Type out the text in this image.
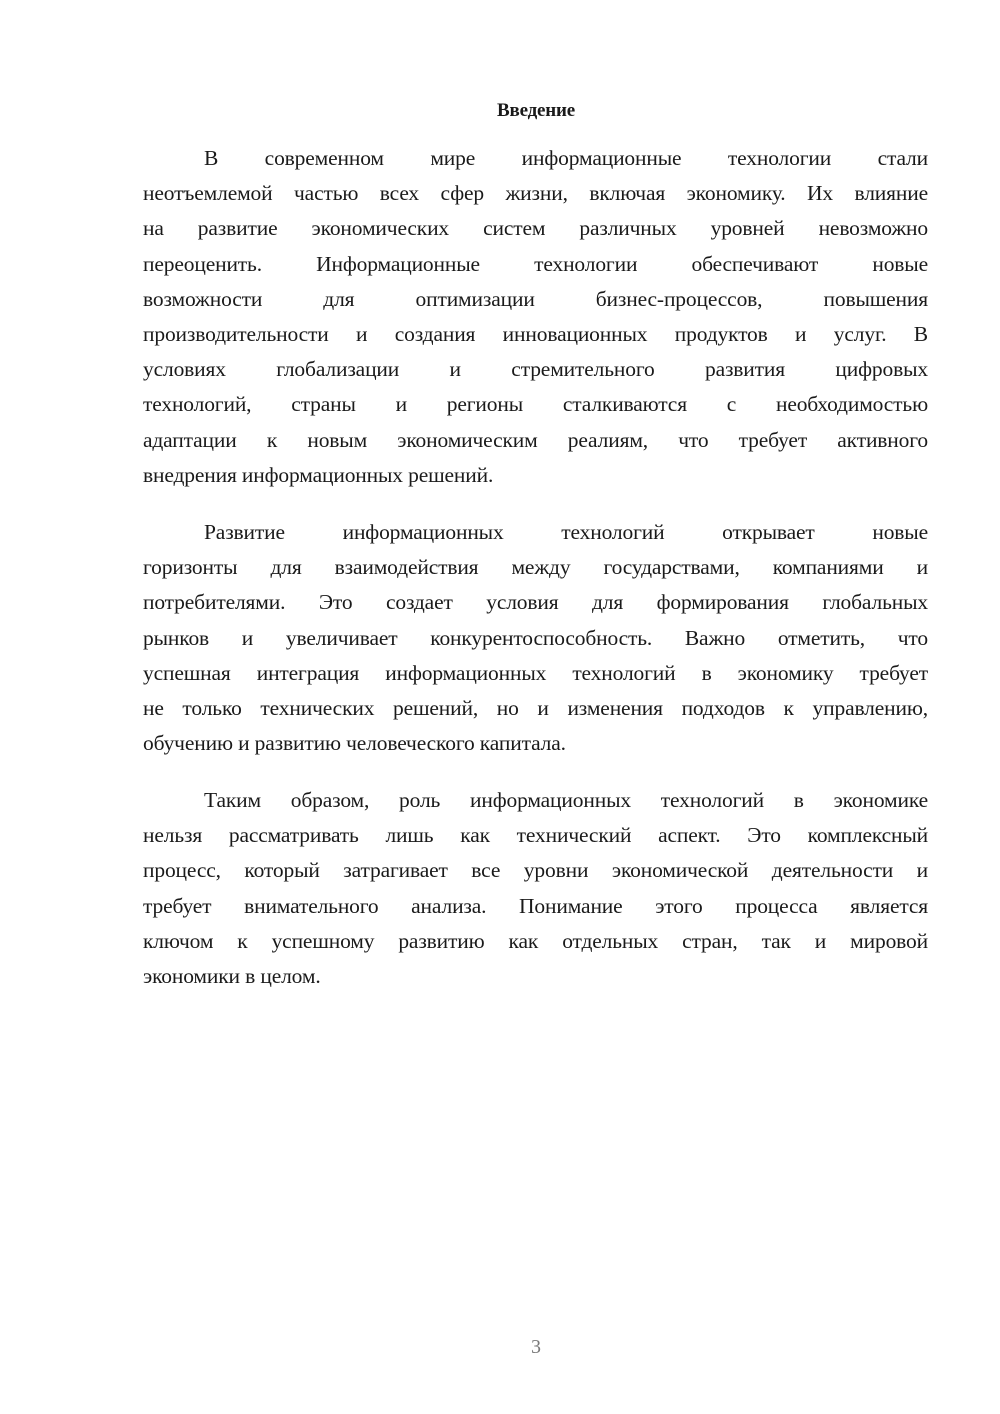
Введение

В современном мире информационные технологии стали
неотъемлемой частью всех сфер жизни, включая экономику. Их влияние
на развитие экономических систем различных уровней невозможно
переоценить. Информационные технологии обеспечивают новые
возможности для оптимизации бизнес-процессов, повышения
производительности и создания инновационных продуктов и услуг. В
условиях глобализации и стремительного развития цифровых
технологий, страны и регионы сталкиваются с необходимостью
адаптации к новым экономическим реалиям, что требует активного
внедрения информационных решений.

Развитие информационных технологий открывает новые
горизонты для взаимодействия между государствами, компаниями и
потребителями. Это создает условия для формирования глобальных
рынков и увеличивает конкурентоспособность. Важно отметить, что
успешная интеграция информационных технологий в экономику требует
не только технических решений, но и изменения подходов к управлению,
обучению и развитию человеческого капитала.

Таким образом, роль информационных технологий в экономике
нельзя рассматривать лишь как технический аспект. Это комплексный
процесс, который затрагивает все уровни экономической деятельности и
требует внимательного анализа. Понимание этого процесса является
ключом к успешному развитию как отдельных стран, так и мировой
экономики в целом.

3
